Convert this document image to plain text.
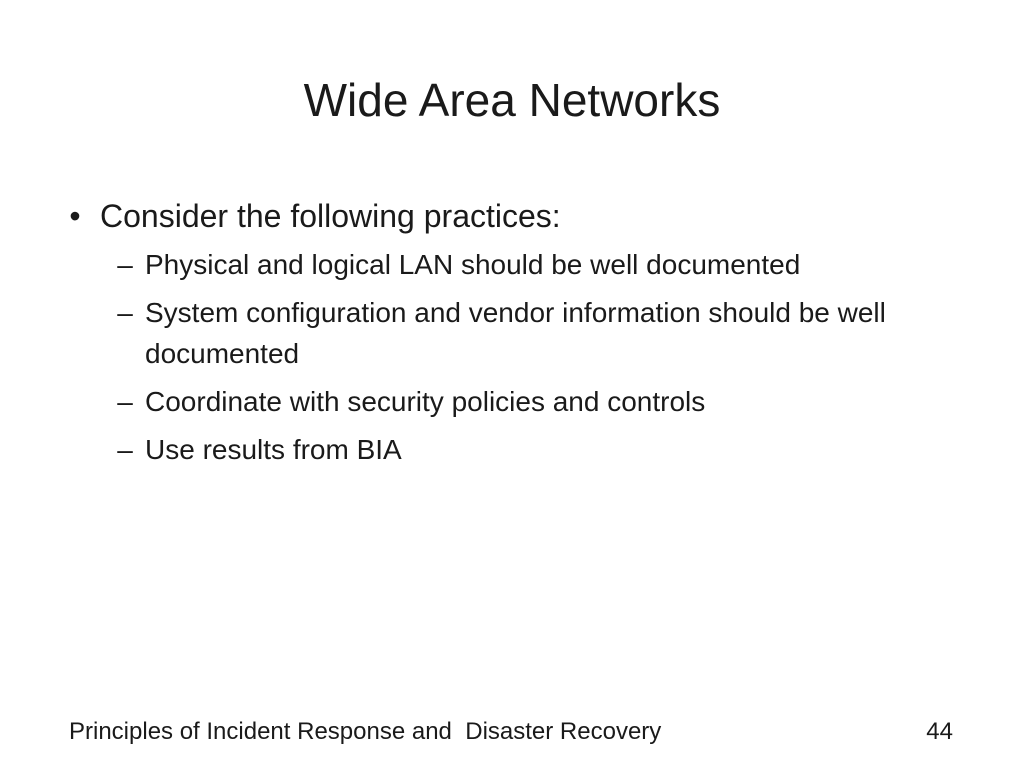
Wide Area Networks
• Consider the following practices:
– Physical and logical LAN should be well documented
– System configuration and vendor information should be well documented
– Coordinate with security policies and controls
– Use results from BIA
Principles of Incident Response and  Disaster Recovery	44
